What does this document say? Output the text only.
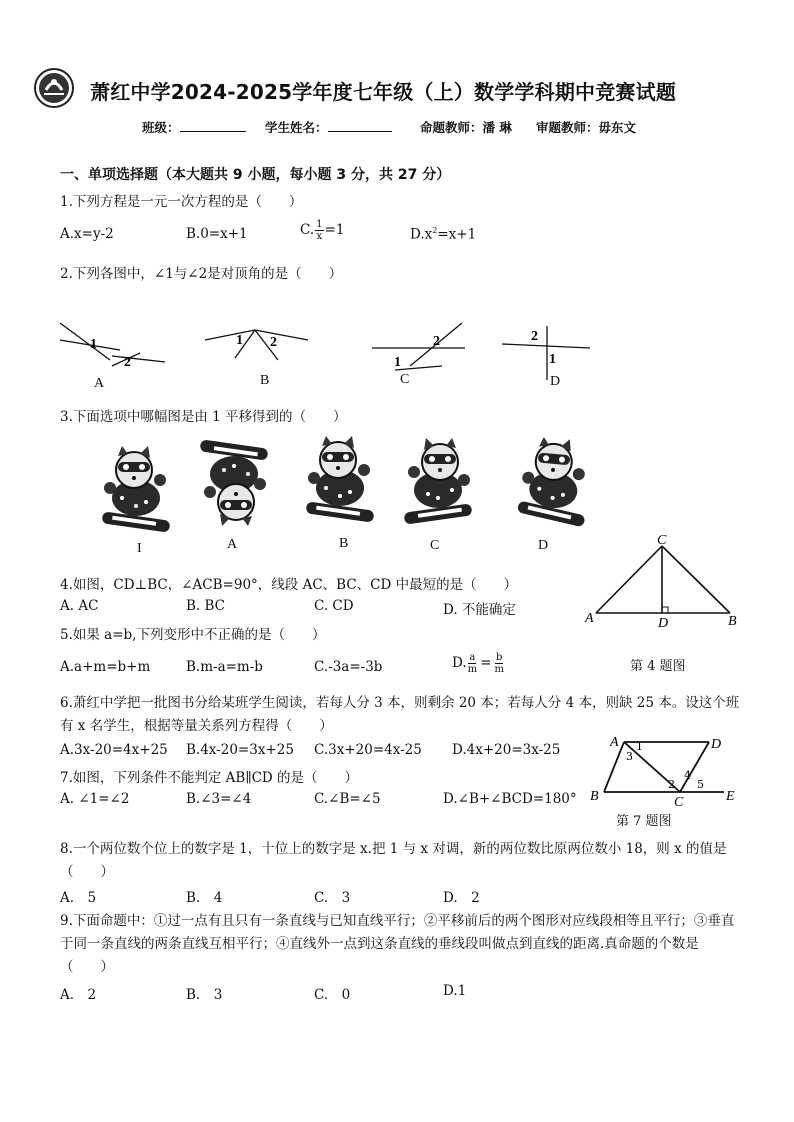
萧红中学2024-2025学年度七年级（上）数学学科期中竞赛试题
班级：	学生姓名：	命题教师：潘 琳 审题教师：毋东文
一、单项选择题（本大题共 9 小题，每小题 3 分，共 27 分）
1.下列方程是一元一次方程的是（　　）
A.x=y-2	B.0=x+1	C. $\frac{1}{x} =1$	$D.x^2=x+1$
2.下列各图中，∠1与∠2是对顶角的是（　　）
1
2
1 2
1
2	2
1
A	B	C	D
3.下面选项中哪幅图是由 1 平移得到的（　　）
I	A	B	C	D	C
A	D	B
第 4 题图
4.如图，CD⊥BC，∠ACB=90°，线段 AC、BC、CD 中最短的是（　　）
A. AC	B. BC	C. CD	D. 不能确定
5.如果 a=b,下列变形中不正确的是（　　）
A.a+m=b+m	B.m-a=m-b	C.-3a=-3b	D. $\frac{a}{m} = \frac{b}{m}$
6.萧红中学把一批图书分给某班学生阅读，若每人分 3 本，则剩余 20 本；若每人分 4 本，则缺 25 本。设这个班有 x 名学生，根据等量关系列方程得（　　）
A.3x-20=4x+25 B.4x-20=3x+25 C.3x+20=4x-25 D.4x+20=3x-25	A	D
B	C	E
1
3
2
4
5
第 7 题图
7.如图，下列条件不能判定 AB∥CD 的是（　　）
A. ∠1=∠2	B.∠3=∠4	C.∠B=∠5	D.∠B+∠BCD=180°
8.一个两位数个位上的数字是 1，十位上的数字是 x.把 1 与 x 对调，新的两位数比原两位数小 18，则 x 的值是（　　）
A.　5	B.　4	C.　3	D.　2
9.下面命题中：①过一点有且只有一条直线与已知直线平行；②平移前后的两个图形对应线段相等且平行；③垂直于同一条直线的两条直线互相平行；④直线外一点到这条直线的垂线段叫做点到直线的距离.真命题的个数是（　　）
A.　2	B.　3	C.　0	D.1
